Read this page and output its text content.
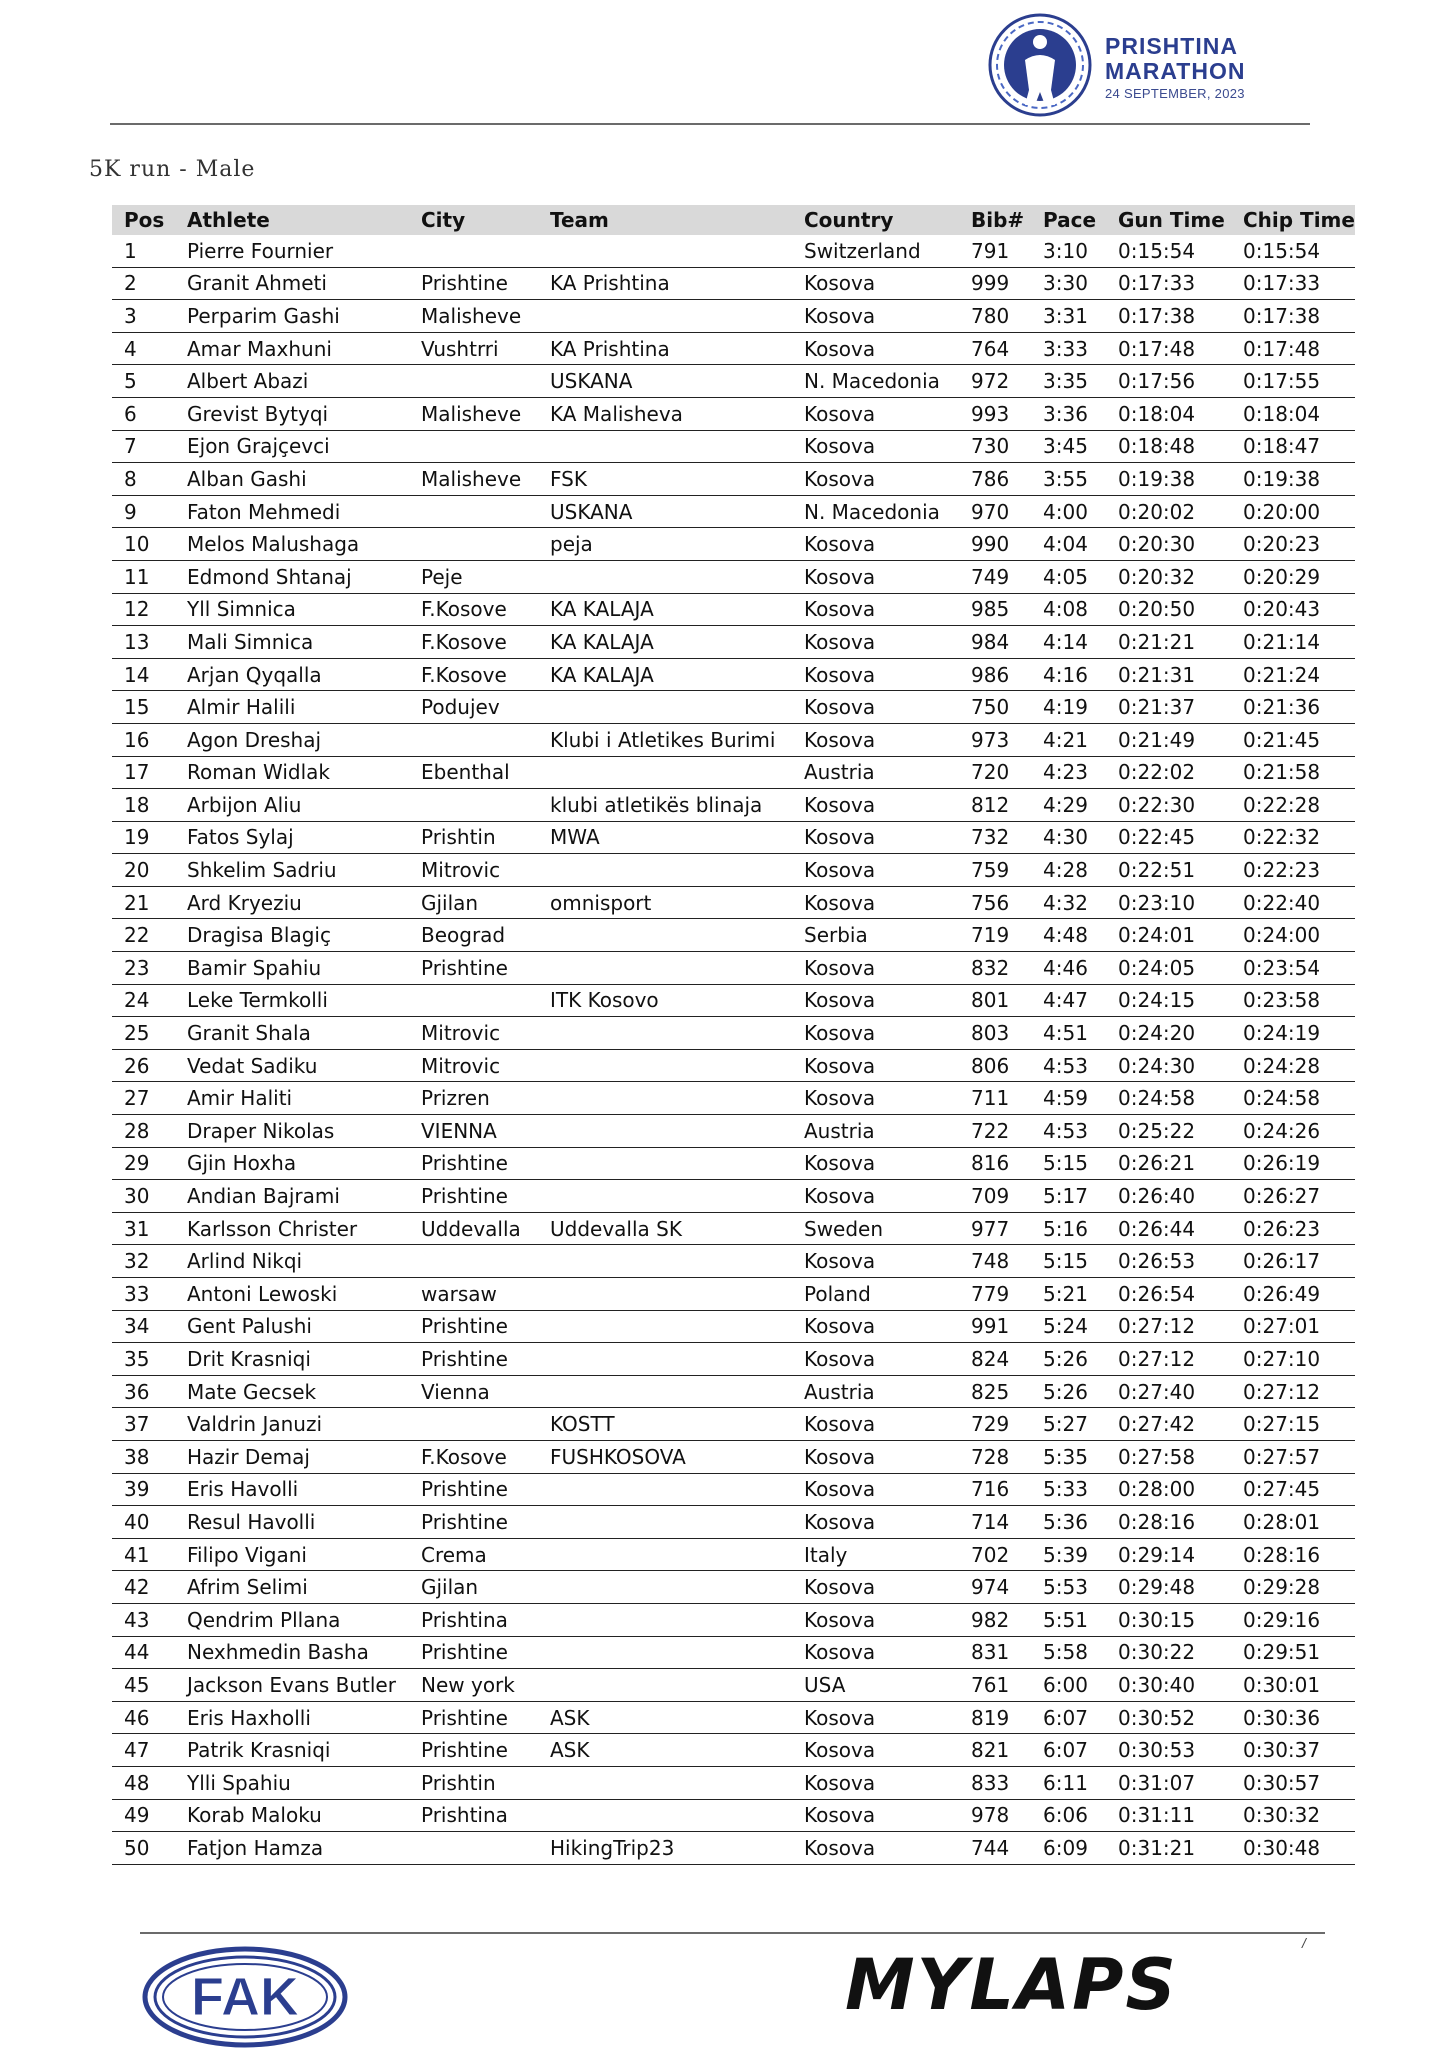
PRISHTINA
MARATHON
24 SEPTEMBER, 2023
5K run - Male
Pos	Athlete	City	Team	Country	Bib#	Pace	Gun Time	Chip Time
1	Pierre Fournier			Switzerland	791	3:10	0:15:54	0:15:54
2	Granit Ahmeti	Prishtine	KA Prishtina	Kosova	999	3:30	0:17:33	0:17:33
3	Perparim Gashi	Malisheve		Kosova	780	3:31	0:17:38	0:17:38
4	Amar Maxhuni	Vushtrri	KA Prishtina	Kosova	764	3:33	0:17:48	0:17:48
5	Albert Abazi		USKANA	N. Macedonia	972	3:35	0:17:56	0:17:55
6	Grevist Bytyqi	Malisheve	KA Malisheva	Kosova	993	3:36	0:18:04	0:18:04
7	Ejon Grajçevci			Kosova	730	3:45	0:18:48	0:18:47
8	Alban Gashi	Malisheve	FSK	Kosova	786	3:55	0:19:38	0:19:38
9	Faton Mehmedi		USKANA	N. Macedonia	970	4:00	0:20:02	0:20:00
10	Melos Malushaga		peja	Kosova	990	4:04	0:20:30	0:20:23
11	Edmond Shtanaj	Peje		Kosova	749	4:05	0:20:32	0:20:29
12	Yll Simnica	F.Kosove	KA KALAJA	Kosova	985	4:08	0:20:50	0:20:43
13	Mali Simnica	F.Kosove	KA KALAJA	Kosova	984	4:14	0:21:21	0:21:14
14	Arjan Qyqalla	F.Kosove	KA KALAJA	Kosova	986	4:16	0:21:31	0:21:24
15	Almir Halili	Podujev		Kosova	750	4:19	0:21:37	0:21:36
16	Agon Dreshaj		Klubi i Atletikes Burimi	Kosova	973	4:21	0:21:49	0:21:45
17	Roman Widlak	Ebenthal		Austria	720	4:23	0:22:02	0:21:58
18	Arbijon Aliu		klubi atletikës blinaja	Kosova	812	4:29	0:22:30	0:22:28
19	Fatos Sylaj	Prishtin	MWA	Kosova	732	4:30	0:22:45	0:22:32
20	Shkelim Sadriu	Mitrovic		Kosova	759	4:28	0:22:51	0:22:23
21	Ard Kryeziu	Gjilan	omnisport	Kosova	756	4:32	0:23:10	0:22:40
22	Dragisa Blagiç	Beograd		Serbia	719	4:48	0:24:01	0:24:00
23	Bamir Spahiu	Prishtine		Kosova	832	4:46	0:24:05	0:23:54
24	Leke Termkolli		ITK Kosovo	Kosova	801	4:47	0:24:15	0:23:58
25	Granit Shala	Mitrovic		Kosova	803	4:51	0:24:20	0:24:19
26	Vedat Sadiku	Mitrovic		Kosova	806	4:53	0:24:30	0:24:28
27	Amir Haliti	Prizren		Kosova	711	4:59	0:24:58	0:24:58
28	Draper Nikolas	VIENNA		Austria	722	4:53	0:25:22	0:24:26
29	Gjin Hoxha	Prishtine		Kosova	816	5:15	0:26:21	0:26:19
30	Andian Bajrami	Prishtine		Kosova	709	5:17	0:26:40	0:26:27
31	Karlsson Christer	Uddevalla	Uddevalla SK	Sweden	977	5:16	0:26:44	0:26:23
32	Arlind Nikqi			Kosova	748	5:15	0:26:53	0:26:17
33	Antoni Lewoski	warsaw		Poland	779	5:21	0:26:54	0:26:49
34	Gent Palushi	Prishtine		Kosova	991	5:24	0:27:12	0:27:01
35	Drit Krasniqi	Prishtine		Kosova	824	5:26	0:27:12	0:27:10
36	Mate Gecsek	Vienna		Austria	825	5:26	0:27:40	0:27:12
37	Valdrin Januzi		KOSTT	Kosova	729	5:27	0:27:42	0:27:15
38	Hazir Demaj	F.Kosove	FUSHKOSOVA	Kosova	728	5:35	0:27:58	0:27:57
39	Eris Havolli	Prishtine		Kosova	716	5:33	0:28:00	0:27:45
40	Resul Havolli	Prishtine		Kosova	714	5:36	0:28:16	0:28:01
41	Filipo Vigani	Crema		Italy	702	5:39	0:29:14	0:28:16
42	Afrim Selimi	Gjilan		Kosova	974	5:53	0:29:48	0:29:28
43	Qendrim Pllana	Prishtina		Kosova	982	5:51	0:30:15	0:29:16
44	Nexhmedin Basha	Prishtine		Kosova	831	5:58	0:30:22	0:29:51
45	Jackson Evans Butler	New york		USA	761	6:00	0:30:40	0:30:01
46	Eris Haxholli	Prishtine	ASK	Kosova	819	6:07	0:30:52	0:30:36
47	Patrik Krasniqi	Prishtine	ASK	Kosova	821	6:07	0:30:53	0:30:37
48	Ylli Spahiu	Prishtin		Kosova	833	6:11	0:31:07	0:30:57
49	Korab Maloku	Prishtina		Kosova	978	6:06	0:31:11	0:30:32
50	Fatjon Hamza		HikingTrip23	Kosova	744	6:09	0:31:21	0:30:48
/
FAK	MYLAPS
